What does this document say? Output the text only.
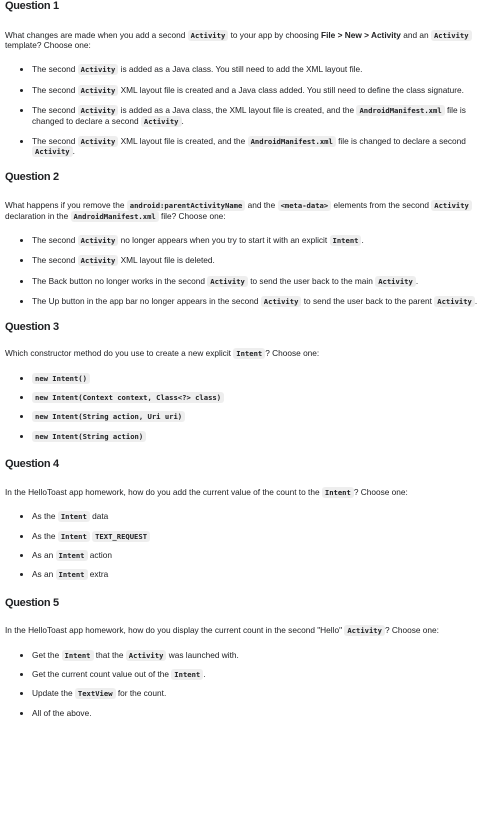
Question 1

What changes are made when you add a second Activity to your app by choosing File > New > Activity and an Activity template? Choose one:

• The second Activity is added as a Java class. You still need to add the XML layout file.
• The second Activity XML layout file is created and a Java class added. You still need to define the class signature.
• The second Activity is added as a Java class, the XML layout file is created, and the AndroidManifest.xml file is changed to declare a second Activity .
• The second Activity XML layout file is created, and the AndroidManifest.xml file is changed to declare a second Activity .
Question 2

What happens if you remove the android:parentActivityName and the <meta-data> elements from the second Activity declaration in the AndroidManifest.xml file? Choose one:

• The second Activity no longer appears when you try to start it with an explicit Intent .
• The second Activity XML layout file is deleted.
• The Back button no longer works in the second Activity to send the user back to the main Activity .
• The Up button in the app bar no longer appears in the second Activity to send the user back to the parent Activity .
Question 3

Which constructor method do you use to create a new explicit Intent ? Choose one:

• new Intent()
• new Intent(Context context, Class<?> class)
• new Intent(String action, Uri uri)
• new Intent(String action)
Question 4

In the HelloToast app homework, how do you add the current value of the count to the Intent ? Choose one:

• As the Intent data
• As the Intent TEXT_REQUEST
• As an Intent action
• As an Intent extra
Question 5

In the HelloToast app homework, how do you display the current count in the second "Hello" Activity ? Choose one:

• Get the Intent that the Activity was launched with.
• Get the current count value out of the Intent .
• Update the TextView for the count.
• All of the above.
